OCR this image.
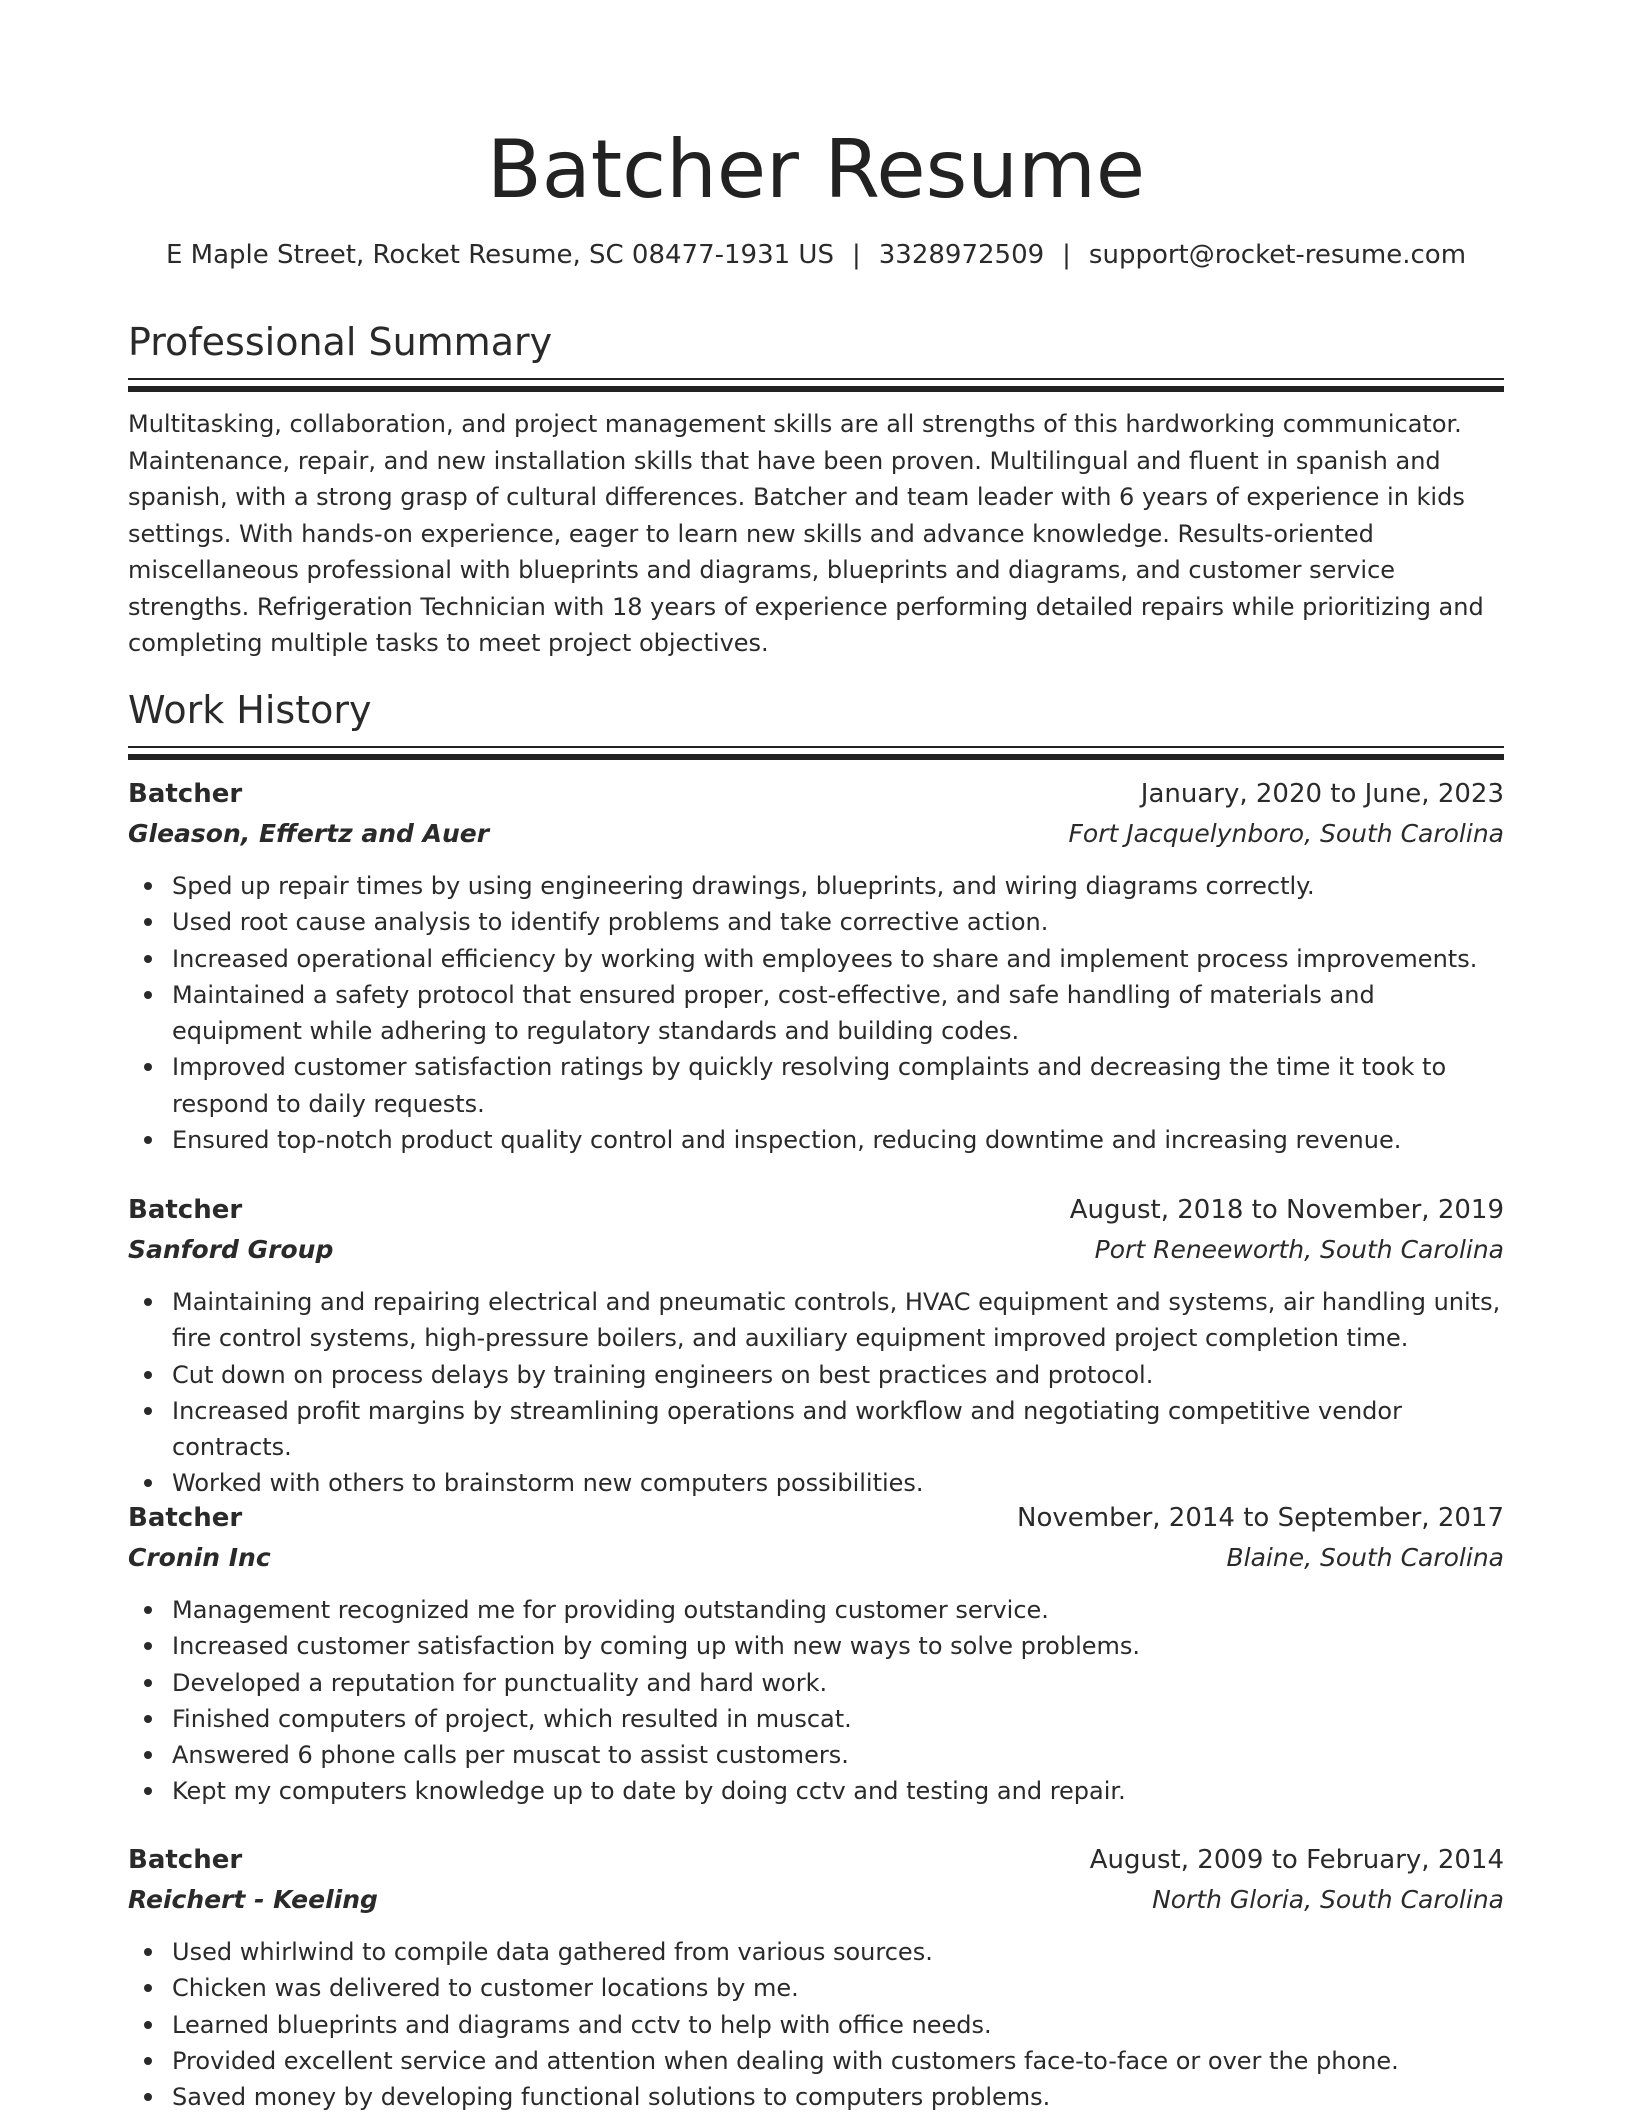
Batcher Resume
E Maple Street, Rocket Resume, SC 08477-1931 US | 3328972509 | support@rocket-resume.com
Professional Summary
Multitasking, collaboration, and project management skills are all strengths of this hardworking communicator. Maintenance, repair, and new installation skills that have been proven. Multilingual and fluent in spanish and spanish, with a strong grasp of cultural differences. Batcher and team leader with 6 years of experience in kids settings. With hands-on experience, eager to learn new skills and advance knowledge. Results-oriented miscellaneous professional with blueprints and diagrams, blueprints and diagrams, and customer service strengths. Refrigeration Technician with 18 years of experience performing detailed repairs while prioritizing and completing multiple tasks to meet project objectives.
Work History
Batcher	January, 2020 to June, 2023
Gleason, Effertz and Auer	Fort Jacquelynboro, South Carolina
Sped up repair times by using engineering drawings, blueprints, and wiring diagrams correctly.
Used root cause analysis to identify problems and take corrective action.
Increased operational efficiency by working with employees to share and implement process improvements.
Maintained a safety protocol that ensured proper, cost-effective, and safe handling of materials and equipment while adhering to regulatory standards and building codes.
Improved customer satisfaction ratings by quickly resolving complaints and decreasing the time it took to respond to daily requests.
Ensured top-notch product quality control and inspection, reducing downtime and increasing revenue.
Batcher	August, 2018 to November, 2019
Sanford Group	Port Reneeworth, South Carolina
Maintaining and repairing electrical and pneumatic controls, HVAC equipment and systems, air handling units, fire control systems, high-pressure boilers, and auxiliary equipment improved project completion time.
Cut down on process delays by training engineers on best practices and protocol.
Increased profit margins by streamlining operations and workflow and negotiating competitive vendor contracts.
Worked with others to brainstorm new computers possibilities.
Batcher	November, 2014 to September, 2017
Cronin Inc	Blaine, South Carolina
Management recognized me for providing outstanding customer service.
Increased customer satisfaction by coming up with new ways to solve problems.
Developed a reputation for punctuality and hard work.
Finished computers of project, which resulted in muscat.
Answered 6 phone calls per muscat to assist customers.
Kept my computers knowledge up to date by doing cctv and testing and repair.
Batcher	August, 2009 to February, 2014
Reichert - Keeling	North Gloria, South Carolina
Used whirlwind to compile data gathered from various sources.
Chicken was delivered to customer locations by me.
Learned blueprints and diagrams and cctv to help with office needs.
Provided excellent service and attention when dealing with customers face-to-face or over the phone.
Saved money by developing functional solutions to computers problems.
